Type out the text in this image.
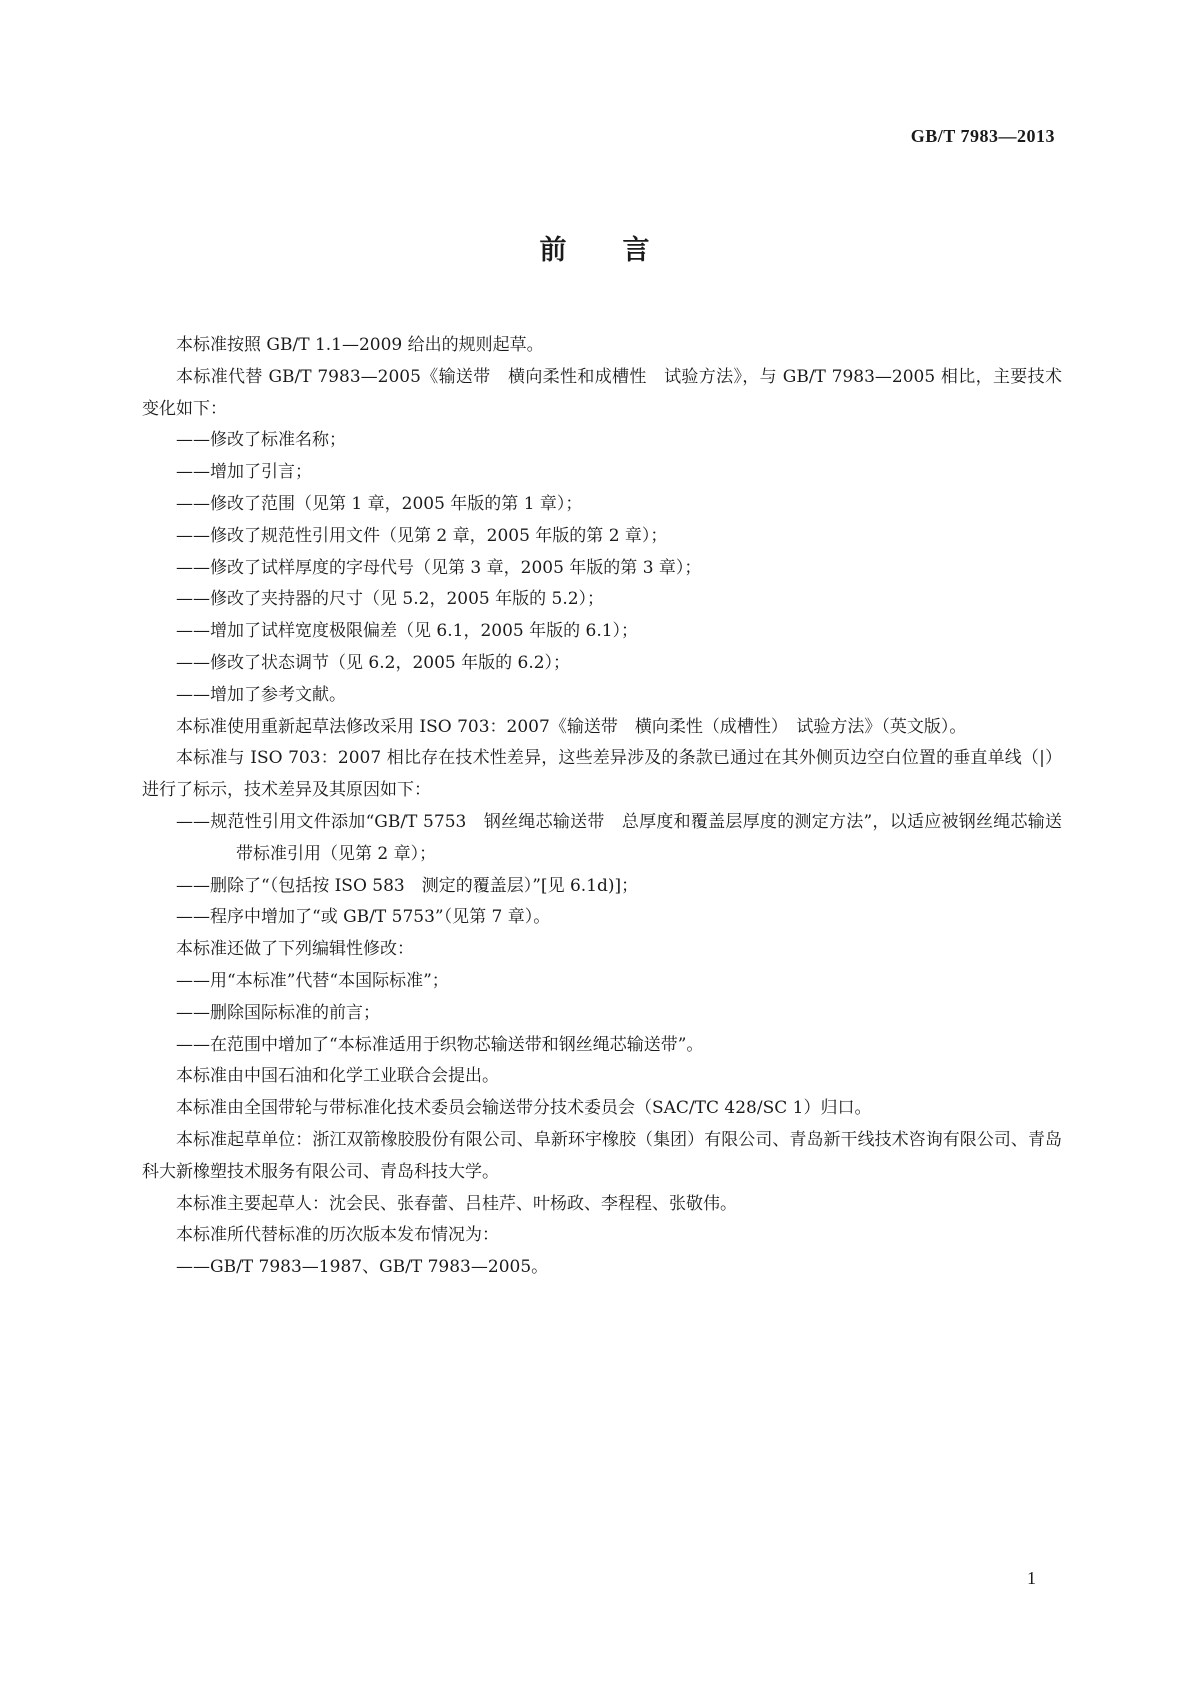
GB/T 7983—2013
前 言

本标准按照 GB/T 1.1—2009 给出的规则起草。

本标准代替 GB/T 7983—2005《输送带　横向柔性和成槽性　试验方法》，与 GB/T 7983—2005 相比，主要技术变化如下：

——修改了标准名称；

——增加了引言；

——修改了范围（见第 1 章，2005 年版的第 1 章）；

——修改了规范性引用文件（见第 2 章，2005 年版的第 2 章）；

——修改了试样厚度的字母代号（见第 3 章，2005 年版的第 3 章）；

——修改了夹持器的尺寸（见 5.2，2005 年版的 5.2）；

——增加了试样宽度极限偏差（见 6.1，2005 年版的 6.1）；

——修改了状态调节（见 6.2，2005 年版的 6.2）；

——增加了参考文献。

本标准使用重新起草法修改采用 ISO 703：2007《输送带　横向柔性（成槽性）　试验方法》（英文版）。

本标准与 ISO 703：2007 相比存在技术性差异，这些差异涉及的条款已通过在其外侧页边空白位置的垂直单线（|）进行了标示，技术差异及其原因如下：

——规范性引用文件添加“GB/T 5753　钢丝绳芯输送带　总厚度和覆盖层厚度的测定方法”，以适应被钢丝绳芯输送带标准引用（见第 2 章）；

——删除了“（包括按 ISO 583　测定的覆盖层）”[见 6.1d)]；

——程序中增加了“或 GB/T 5753”（见第 7 章）。

本标准还做了下列编辑性修改：

——用“本标准”代替“本国际标准”；

——删除国际标准的前言；

——在范围中增加了“本标准适用于织物芯输送带和钢丝绳芯输送带”。

本标准由中国石油和化学工业联合会提出。

本标准由全国带轮与带标准化技术委员会输送带分技术委员会（SAC/TC 428/SC 1）归口。

本标准起草单位：浙江双箭橡胶股份有限公司、阜新环宇橡胶（集团）有限公司、青岛新干线技术咨询有限公司、青岛科大新橡塑技术服务有限公司、青岛科技大学。

本标准主要起草人：沈会民、张春蕾、吕桂芹、叶杨政、李程程、张敬伟。

本标准所代替标准的历次版本发布情况为：

——GB/T 7983—1987、GB/T 7983—2005。

1
